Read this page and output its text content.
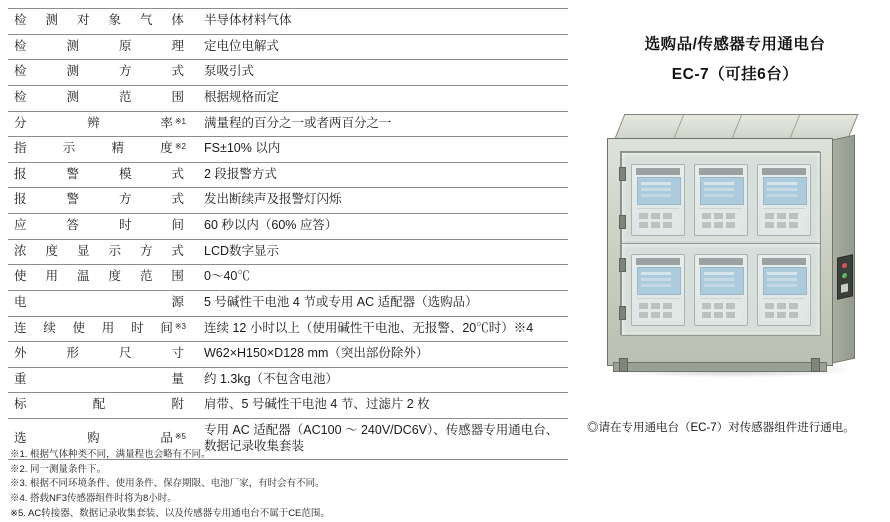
检 测 对 象 气 体	半导体材料气体

检 测 原 理	定电位电解式

检 测 方 式	泵吸引式

检 测 范 围	根据规格而定

分 辨 率 ※1	满量程的百分之一或者两百分之一

指 示 精 度 ※2	FS±10% 以内

报 警 模 式	2 段报警方式

报 警 方 式	发出断续声及报警灯闪烁

应 答 时 间	60 秒以内（60% 应答）

浓 度 显 示 方 式	LCD数字显示

使 用 温 度 范 围	0～40℃

电 源	5 号碱性干电池 4 节或专用 AC 适配器（选购品）

连 续 使 用 时 间 ※3	连续 12 小时以上（使用碱性干电池、无报警、20℃时）※4

外 形 尺 寸	W62×H150×D128 mm（突出部份除外）

重 量	约 1.3kg（不包含电池）

标 配 附	肩带、5 号碱性干电池 4 节、过滤片 2 枚

选 购 品 ※5	专用 AC 适配器（AC100 ～ 240V/DC6V）、传感器专用通电台、数据记录收集套装
※1. 根据气体种类不同，满量程也会略有不同。
※2. 同一测量条件下。
※3. 根据不同环境条件、使用条件、保存期限、电池厂家，有时会有不同。
※4. 搭载NF3传感器组件时将为8小时。
※5. AC转接器、数据记录收集套装、以及传感器专用通电台不属于CE范围。
选购品/传感器专用通电台
EC-7（可挂6台）
◎请在专用通电台（EC-7）对传感器组件进行通电。
